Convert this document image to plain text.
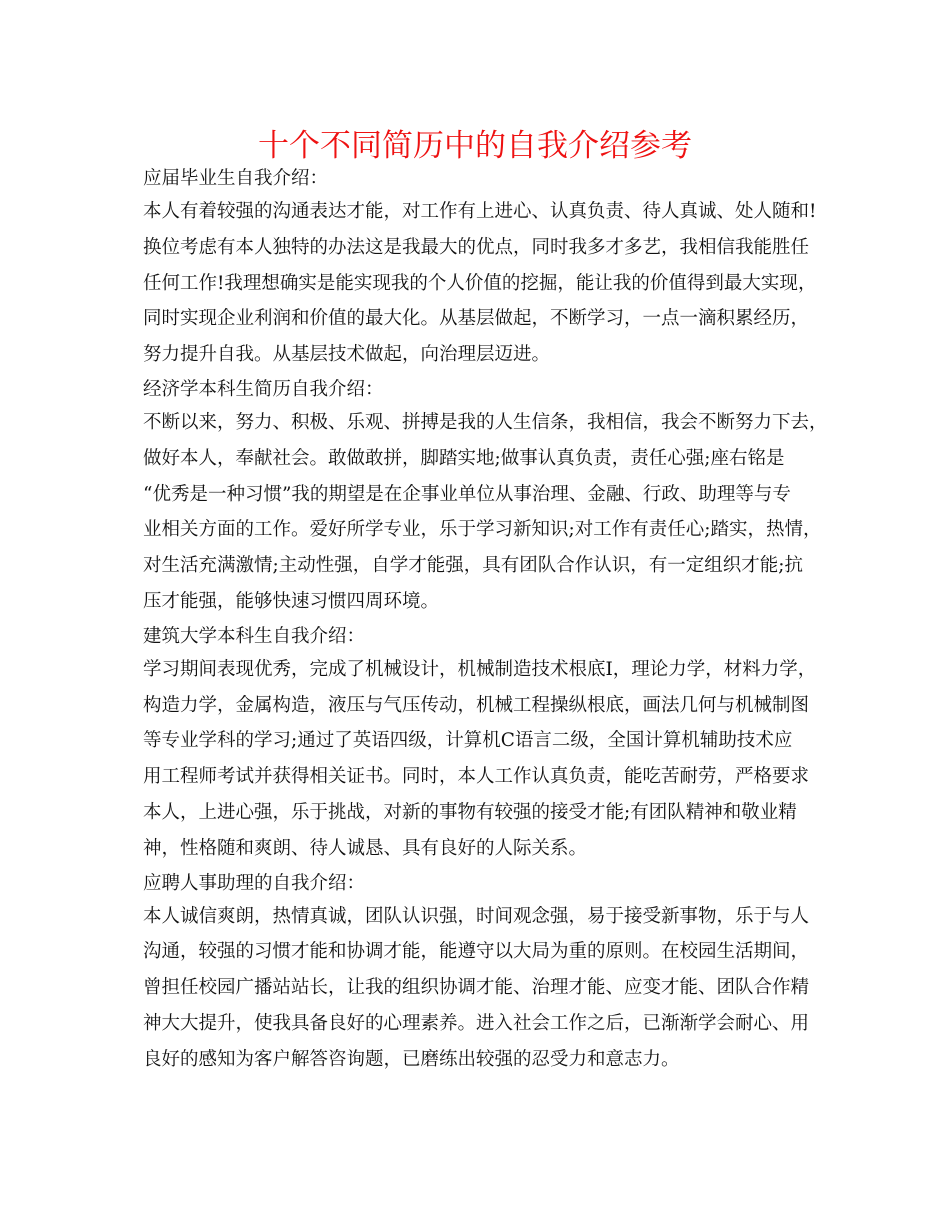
十个不同简历中的自我介绍参考
应届毕业生自我介绍：
本人有着较强的沟通表达才能，对工作有上进心、认真负责、待人真诚、处人随和!
换位考虑有本人独特的办法这是我最大的优点，同时我多才多艺，我相信我能胜任
任何工作!我理想确实是能实现我的个人价值的挖掘，能让我的价值得到最大实现，
同时实现企业利润和价值的最大化。从基层做起，不断学习，一点一滴积累经历，
努力提升自我。从基层技术做起，向治理层迈进。
经济学本科生简历自我介绍：
不断以来，努力、积极、乐观、拼搏是我的人生信条，我相信，我会不断努力下去，
做好本人，奉献社会。敢做敢拼，脚踏实地;做事认真负责，责任心强;座右铭是
“优秀是一种习惯”我的期望是在企事业单位从事治理、金融、行政、助理等与专
业相关方面的工作。爱好所学专业，乐于学习新知识;对工作有责任心;踏实，热情，
对生活充满激情;主动性强，自学才能强，具有团队合作认识，有一定组织才能;抗
压才能强，能够快速习惯四周环境。
建筑大学本科生自我介绍：
学习期间表现优秀，完成了机械设计，机械制造技术根底Ⅰ，理论力学，材料力学，
构造力学，金属构造，液压与气压传动，机械工程操纵根底，画法几何与机械制图
等专业学科的学习;通过了英语四级，计算机C语言二级，全国计算机辅助技术应
用工程师考试并获得相关证书。同时，本人工作认真负责，能吃苦耐劳，严格要求
本人，上进心强，乐于挑战，对新的事物有较强的接受才能;有团队精神和敬业精
神，性格随和爽朗、待人诚恳、具有良好的人际关系。
应聘人事助理的自我介绍：
本人诚信爽朗，热情真诚，团队认识强，时间观念强，易于接受新事物，乐于与人
沟通，较强的习惯才能和协调才能，能遵守以大局为重的原则。在校园生活期间，
曾担任校园广播站站长，让我的组织协调才能、治理才能、应变才能、团队合作精
神大大提升，使我具备良好的心理素养。进入社会工作之后，已渐渐学会耐心、用
良好的感知为客户解答咨询题，已磨练出较强的忍受力和意志力。
